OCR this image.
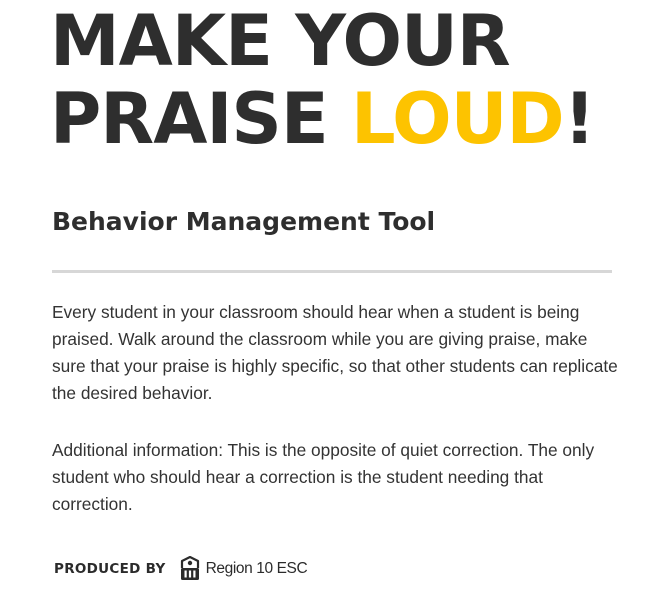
MAKE YOUR
PRAISE LOUD!
Behavior Management Tool

Every student in your classroom should hear when a student is being praised. Walk around the classroom while you are giving praise, make sure that your praise is highly specific, so that other students can replicate the desired behavior.

Additional information: This is the opposite of quiet correction. The only student who should hear a correction is the student needing that correction.

PRODUCED BY	Region 10 ESC
